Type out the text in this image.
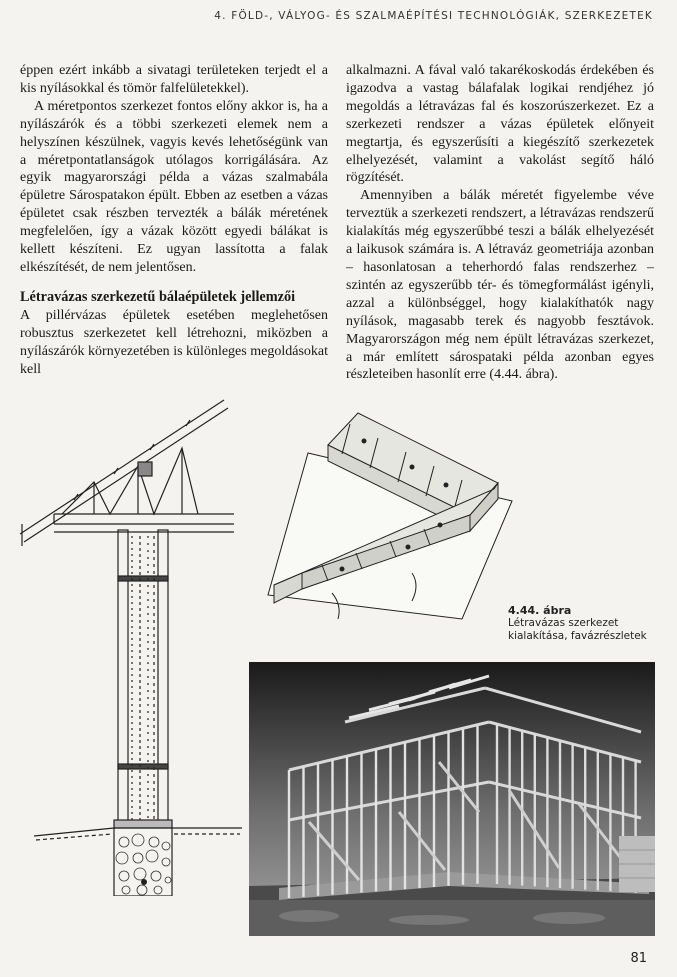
4. FÖLD-, VÁLYOG- ÉS SZALMAÉPÍTÉSI TECHNOLÓGIÁK, SZERKEZETEK

éppen ezért inkább a sivatagi területeken terjedt el a kis nyílásokkal és tömör falfelületekkel).

A méretpontos szerkezet fontos előny akkor is, ha a nyílászárók és a többi szerkezeti elemek nem a helyszínen készülnek, vagyis kevés lehetőségünk van a méretpontatlanságok utólagos korrigálására. Az egyik magyarországi példa a vázas szalmabála épületre Sárospatakon épült. Ebben az esetben a vázas épületet csak részben tervezték a bálák méretének megfelelően, így a vázak között egyedi bálákat is kellett készíteni. Ez ugyan lassította a falak elkészítését, de nem jelentősen.

Létravázas szerkezetű bálaépületek jellemzői

A pillérvázas épületek esetében meglehetősen robusztus szerkezetet kell létrehozni, miközben a nyílászárók környezetében is különleges megoldásokat kell

alkalmazni. A fával való takarékoskodás érdekében és igazodva a vastag bálafalak logikai rendjéhez jó megoldás a létravázas fal és koszorúszerkezet. Ez a szerkezeti rendszer a vázas épületek előnyeit megtartja, és egyszerűsíti a kiegészítő szerkezetek elhelyezését, valamint a vakolást segítő háló rögzítését.

Amennyiben a bálák méretét figyelembe véve terveztük a szerkezeti rendszert, a létravázas rendszerű kialakítás még egyszerűbbé teszi a bálák elhelyezését a laikusok számára is. A létraváz geometriája azonban – hasonlatosan a teherhordó falas rendszerhez – szintén az egyszerűbb tér- és tömegformálást igényli, azzal a különbséggel, hogy kialakíthatók nagy nyílások, magasabb terek és nagyobb fesztávok. Magyarországon még nem épült létravázas szerkezet, a már említett sárospataki példa azonban egyes részleteiben hasonlít erre (4.44. ábra).

4.44. ábra
Létravázas szerkezet kialakítása, favázrészletek
81
